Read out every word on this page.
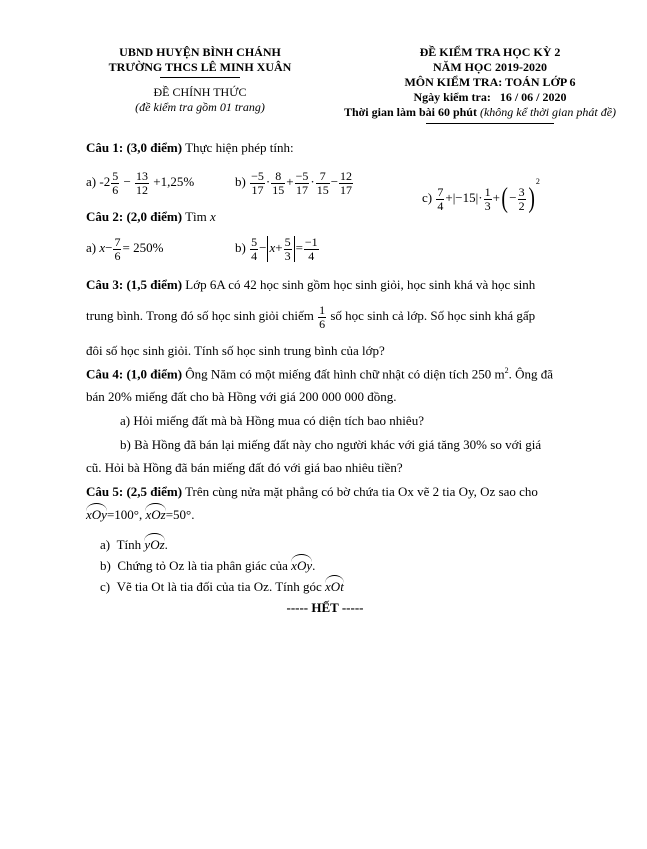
UBND HUYỆN BÌNH CHÁNH
TRƯỜNG THCS LÊ MINH XUÂN
ĐỀ CHÍNH THỨC
(đề kiểm tra gồm 01 trang)
ĐỀ KIỂM TRA HỌC KỲ 2
NĂM HỌC 2019-2020
MÔN KIỂM TRA: TOÁN LỚP 6
Ngày kiểm tra: 16 / 06 / 2020
Thời gian làm bài 60 phút (không kể thời gian phát đề)
Câu 1: (3,0 điểm) Thực hiện phép tính:
a) $-2 \frac{5}{6} - \frac{13}{12} +1,25\%$	$b) \frac{-5}{17} \cdot \frac{8}{15} + \frac{-5}{17} \cdot \frac{7}{15} - \frac{12}{17}$
$c) \frac{7}{4} +|-15|\cdot \frac{1}{3}$ +(− $\frac{3}{2} )^2$
Câu 2: (2,0 điểm) Tìm x
a) $x- \frac{7}{6} = 250\%$	$b) \frac{5}{4} - x+ \frac{5}{3} = \frac{-1}{4}$
Câu 3: (1,5 điểm) Lớp 6A có 42 học sinh gồm học sinh giỏi, học sinh khá và học sinh
trung bình. Trong đó số học sinh giỏi chiếm $\frac{1}{6}$ số học sinh cả lớp. Số học sinh khá gấp
đôi số học sinh giỏi. Tính số học sinh trung bình của lớp?
Câu 4: (1,0 điểm) Ông Năm có một miếng đất hình chữ nhật có diện tích 250 $m^2$. Ông đã
bán 20% miếng đất cho bà Hồng với giá 200 000 000 đồng.
a) Hỏi miếng đất mà bà Hồng mua có diện tích bao nhiêu?
b) Bà Hồng đã bán lại miếng đất này cho người khác với giá tăng 30% so với giá
cũ. Hỏi bà Hồng đã bán miếng đất đó với giá bao nhiêu tiền?
Câu 5: (2,5 điểm) Trên cùng nửa mặt phẳng có bờ chứa tia Ox vẽ 2 tia Oy, Oz sao cho
xOy=100°, xOz=50°.
a) Tính yOz.
b) Chứng tỏ Oz là tia phân giác của xOy.
c) Vẽ tia Ot là tia đối của tia Oz. Tính góc xOt
----- HẾT -----
